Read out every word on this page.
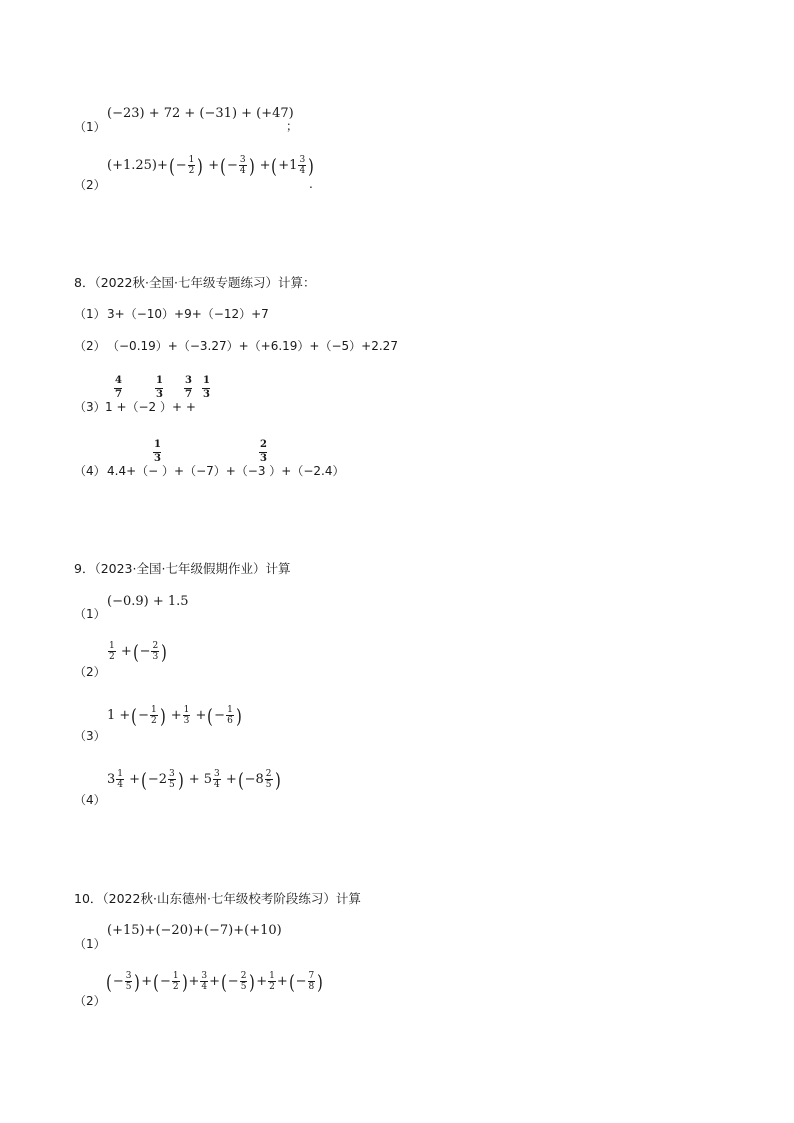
（1）
(−23) + 72 + (−31) + (+47)
；
（2）
(+1.25)+ ( − $\frac{1}{2}$ ) + ( − $\frac{3}{4}$ ) + ( $+1 \frac{3}{4}$ )
.
8．（2022秋·全国·七年级专题练习）计算：
（1） 3+（−10）+9+（−12）+7
（2） （−0.19）+（−3.27）+（+6.19）+（−5）+2.27
（3） 1 +（−2 ）+ +
4
7
1
3
3
7
1
3
（4） 4.4+（− ）+（−7）+（−3 ）+（−2.4）
1
3
2
3
9．（2023·全国·七年级假期作业）计算
（1）
(−0.9) + 1.5
（2）
$\frac{1}{2}$ + ( − $\frac{2}{3}$ )
（3）
1 + ( − $\frac{1}{2}$ ) + $\frac{1}{3}$ + ( − $\frac{1}{6}$ )
（4）
$3 \frac{1}{4}$ + ( $-2 \frac{3}{5}$ ) + $5 \frac{3}{4}$ + ( $-8 \frac{2}{5}$ )
10．（2022秋·山东德州·七年级校考阶段练习）计算
（1）
(+15)+(−20)+(−7)+(+10)
（2）
( − $\frac{3}{5}$ ) + ( − $\frac{1}{2}$ ) + $\frac{3}{4}$ + ( − $\frac{2}{5}$ ) + $\frac{1}{2}$ + ( − $\frac{7}{8}$ )
